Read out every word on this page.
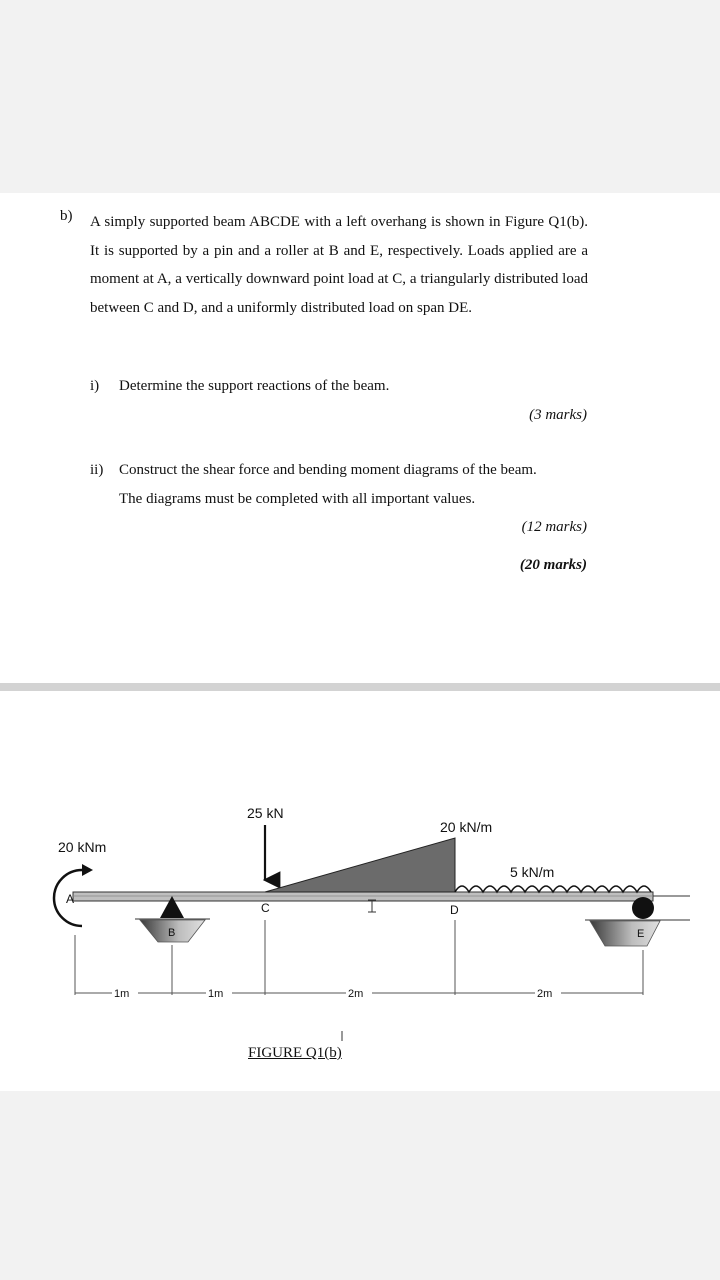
b) A simply supported beam ABCDE with a left overhang is shown in Figure Q1(b). It is supported by a pin and a roller at B and E, respectively. Loads applied are a moment at A, a vertically downward point load at C, a triangularly distributed load between C and D, and a uniformly distributed load on span DE.
i) Determine the support reactions of the beam.
(3 marks)
ii) Construct the shear force and bending moment diagrams of the beam.
The diagrams must be completed with all important values.
(12 marks)
(20 marks)
20 kNm
A
B
25 kN
C
20 kN/m
D
5 kN/m
E
1m	1m	2m	2m
FIGURE Q1(b)
